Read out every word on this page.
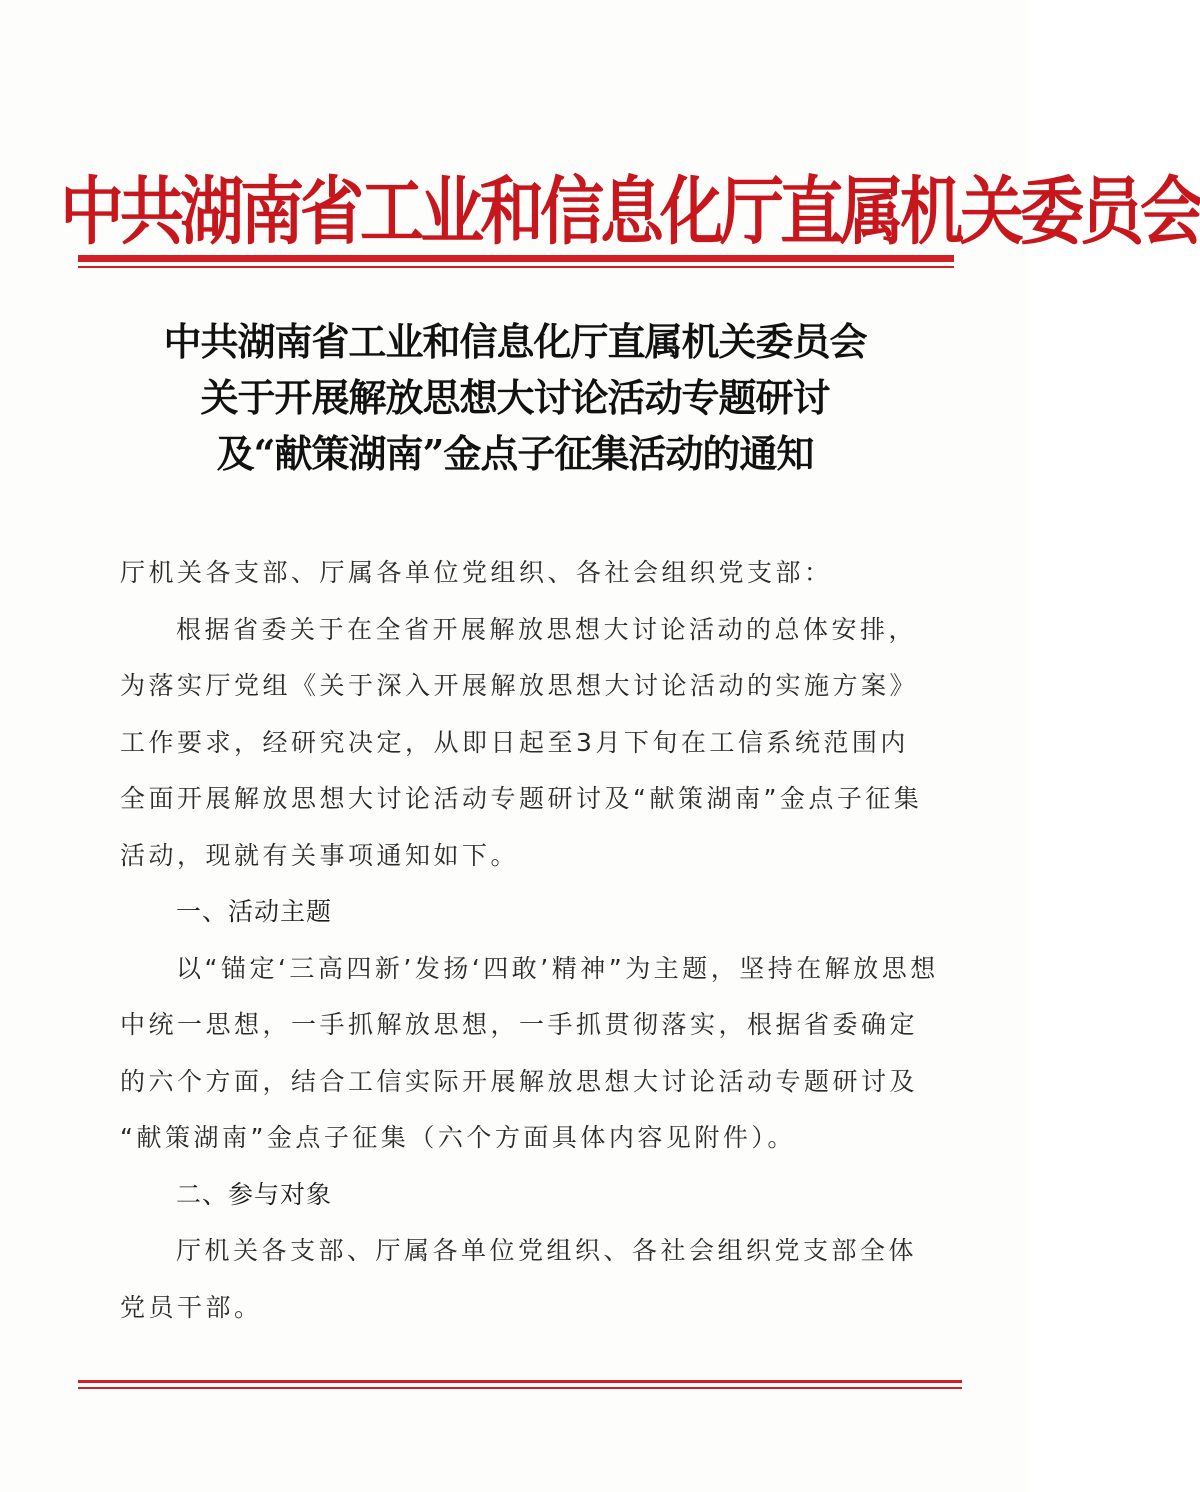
中共湖南省工业和信息化厅直属机关委员会
中共湖南省工业和信息化厅直属机关委员会
关于开展解放思想大讨论活动专题研讨
及“献策湖南”金点子征集活动的通知

厅机关各支部、厅属各单位党组织、各社会组织党支部：

根据省委关于在全省开展解放思想大讨论活动的总体安排，

为落实厅党组《关于深入开展解放思想大讨论活动的实施方案》

工作要求，经研究决定，从即日起至3月下旬在工信系统范围内

全面开展解放思想大讨论活动专题研讨及“献策湖南”金点子征集

活动，现就有关事项通知如下。

一、活动主题

以“锚定‘三高四新’发扬‘四敢’精神”为主题，坚持在解放思想

中统一思想，一手抓解放思想，一手抓贯彻落实，根据省委确定

的六个方面，结合工信实际开展解放思想大讨论活动专题研讨及

“献策湖南”金点子征集（六个方面具体内容见附件）。

二、参与对象

厅机关各支部、厅属各单位党组织、各社会组织党支部全体

党员干部。
